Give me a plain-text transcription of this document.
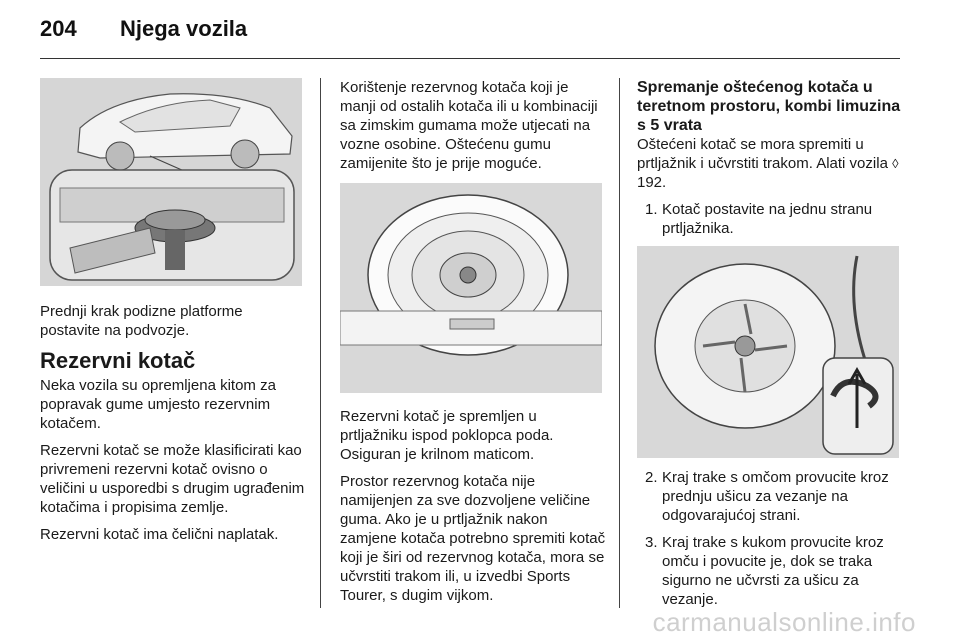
204 Njega vozila

Prednji krak podizne platforme postavite na podvozje.

Rezervni kotač

Neka vozila su opremljena kitom za popravak gume umjesto rezervnim kotačem.

Rezervni kotač se može klasificirati kao privremeni rezervni kotač ovisno o veličini u usporedbi s drugim ugrađenim kotačima i propisima zemlje.

Rezervni kotač ima čelični naplatak.

Korištenje rezervnog kotača koji je manji od ostalih kotača ili u kombinaciji sa zimskim gumama može utjecati na vozne osobine. Oštećenu gumu zamijenite što je prije moguće.

Rezervni kotač je spremljen u prtljažniku ispod poklopca poda. Osiguran je krilnom maticom.

Prostor rezervnog kotača nije namijenjen za sve dozvoljene veličine guma. Ako je u prtljažnik nakon zamjene kotača potrebno spremiti kotač koji je širi od rezervnog kotača, mora se učvrstiti trakom ili, u izvedbi Sports Tourer, s dugim vijkom.

Spremanje oštećenog kotača u teretnom prostoru, kombi limuzina s 5 vrata

Oštećeni kotač se mora spremiti u prtljažnik i učvrstiti trakom. Alati vozila ◊ 192.

1. Kotač postavite na jednu stranu prtljažnika.
2. Kraj trake s omčom provucite kroz prednju ušicu za vezanje na odgovarajućoj strani.
3. Kraj trake s kukom provucite kroz omču i povucite je, dok se traka sigurno ne učvrsti za ušicu za vezanje.
carmanualsonline.info
